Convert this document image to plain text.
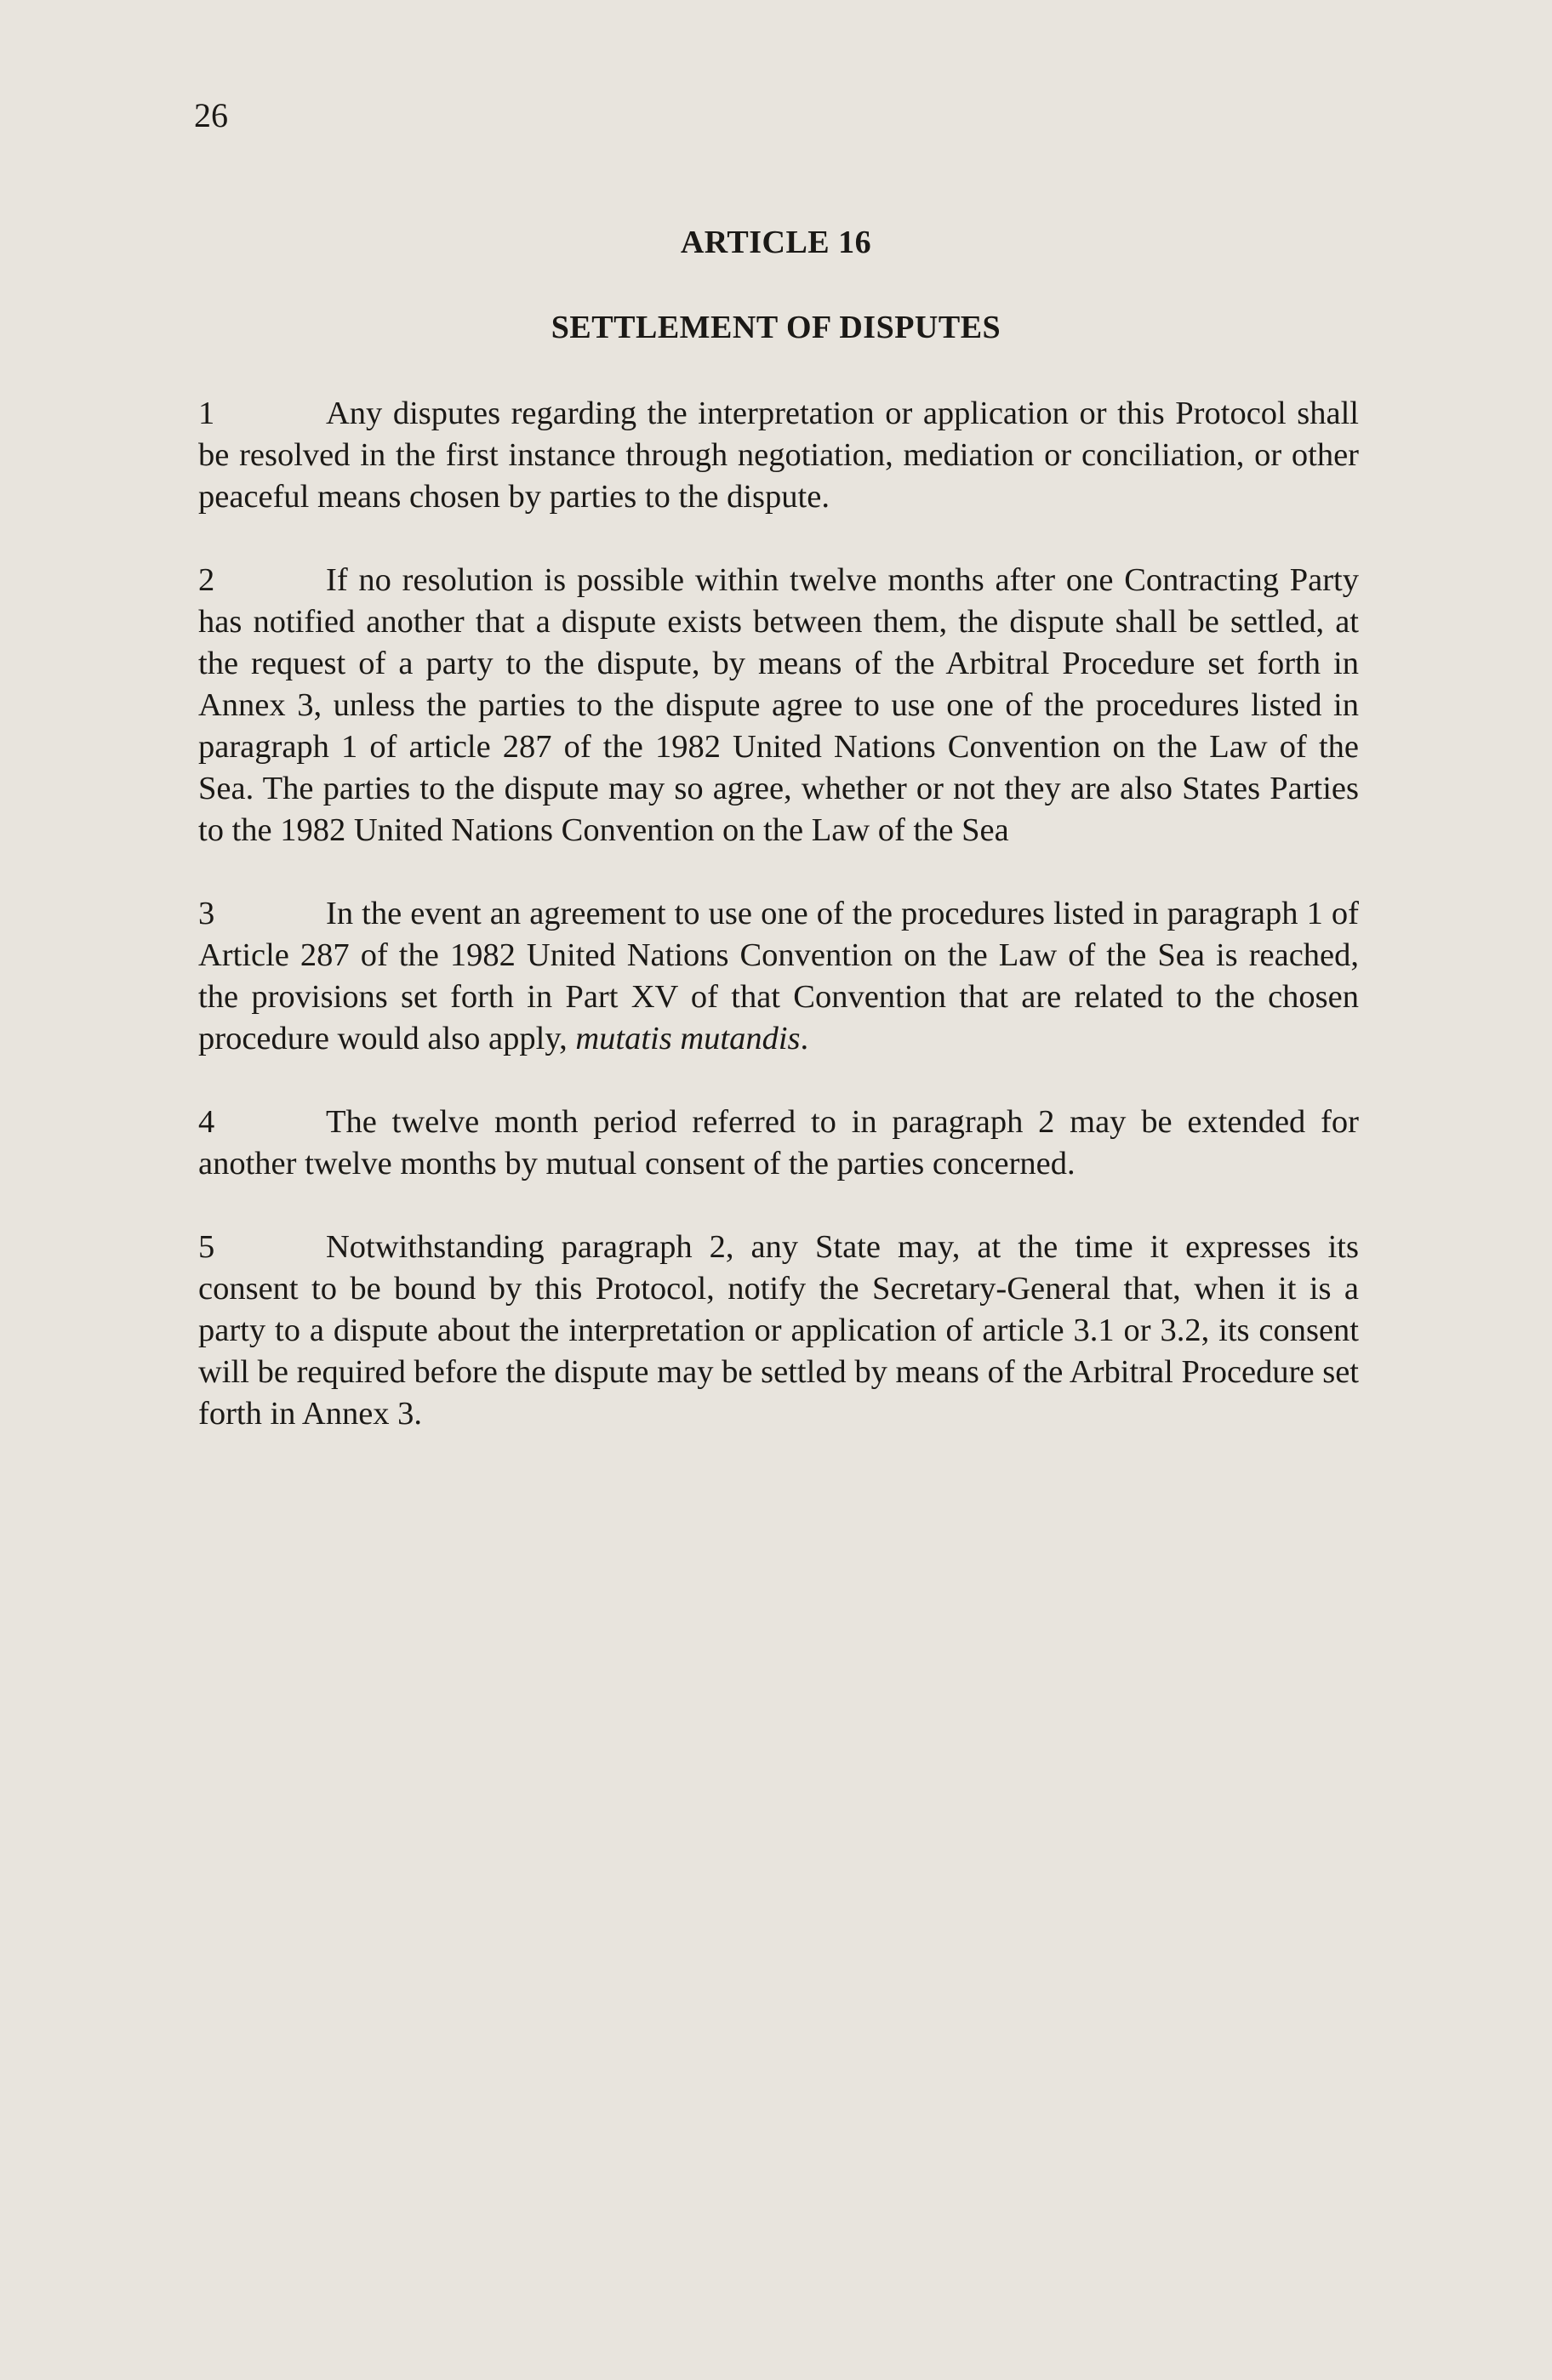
26
ARTICLE 16
SETTLEMENT OF DISPUTES

1	Any disputes regarding the interpretation or application or this Protocol shall be resolved in the first instance through negotiation, mediation or conciliation, or other peaceful means chosen by parties to the dispute.

2	If no resolution is possible within twelve months after one Contracting Party has notified another that a dispute exists between them, the dispute shall be settled, at the request of a party to the dispute, by means of the Arbitral Procedure set forth in Annex 3, unless the parties to the dispute agree to use one of the procedures listed in paragraph 1 of article 287 of the 1982 United Nations Convention on the Law of the Sea. The parties to the dispute may so agree, whether or not they are also States Parties to the 1982 United Nations Convention on the Law of the Sea

3	In the event an agreement to use one of the procedures listed in paragraph 1 of Article 287 of the 1982 United Nations Convention on the Law of the Sea is reached, the provisions set forth in Part XV of that Convention that are related to the chosen procedure would also apply, mutatis mutandis.

4	The twelve month period referred to in paragraph 2 may be extended for another twelve months by mutual consent of the parties concerned.

5	Notwithstanding paragraph 2, any State may, at the time it expresses its consent to be bound by this Protocol, notify the Secretary-General that, when it is a party to a dispute about the interpretation or application of article 3.1 or 3.2, its consent will be required before the dispute may be settled by means of the Arbitral Procedure set forth in Annex 3.
